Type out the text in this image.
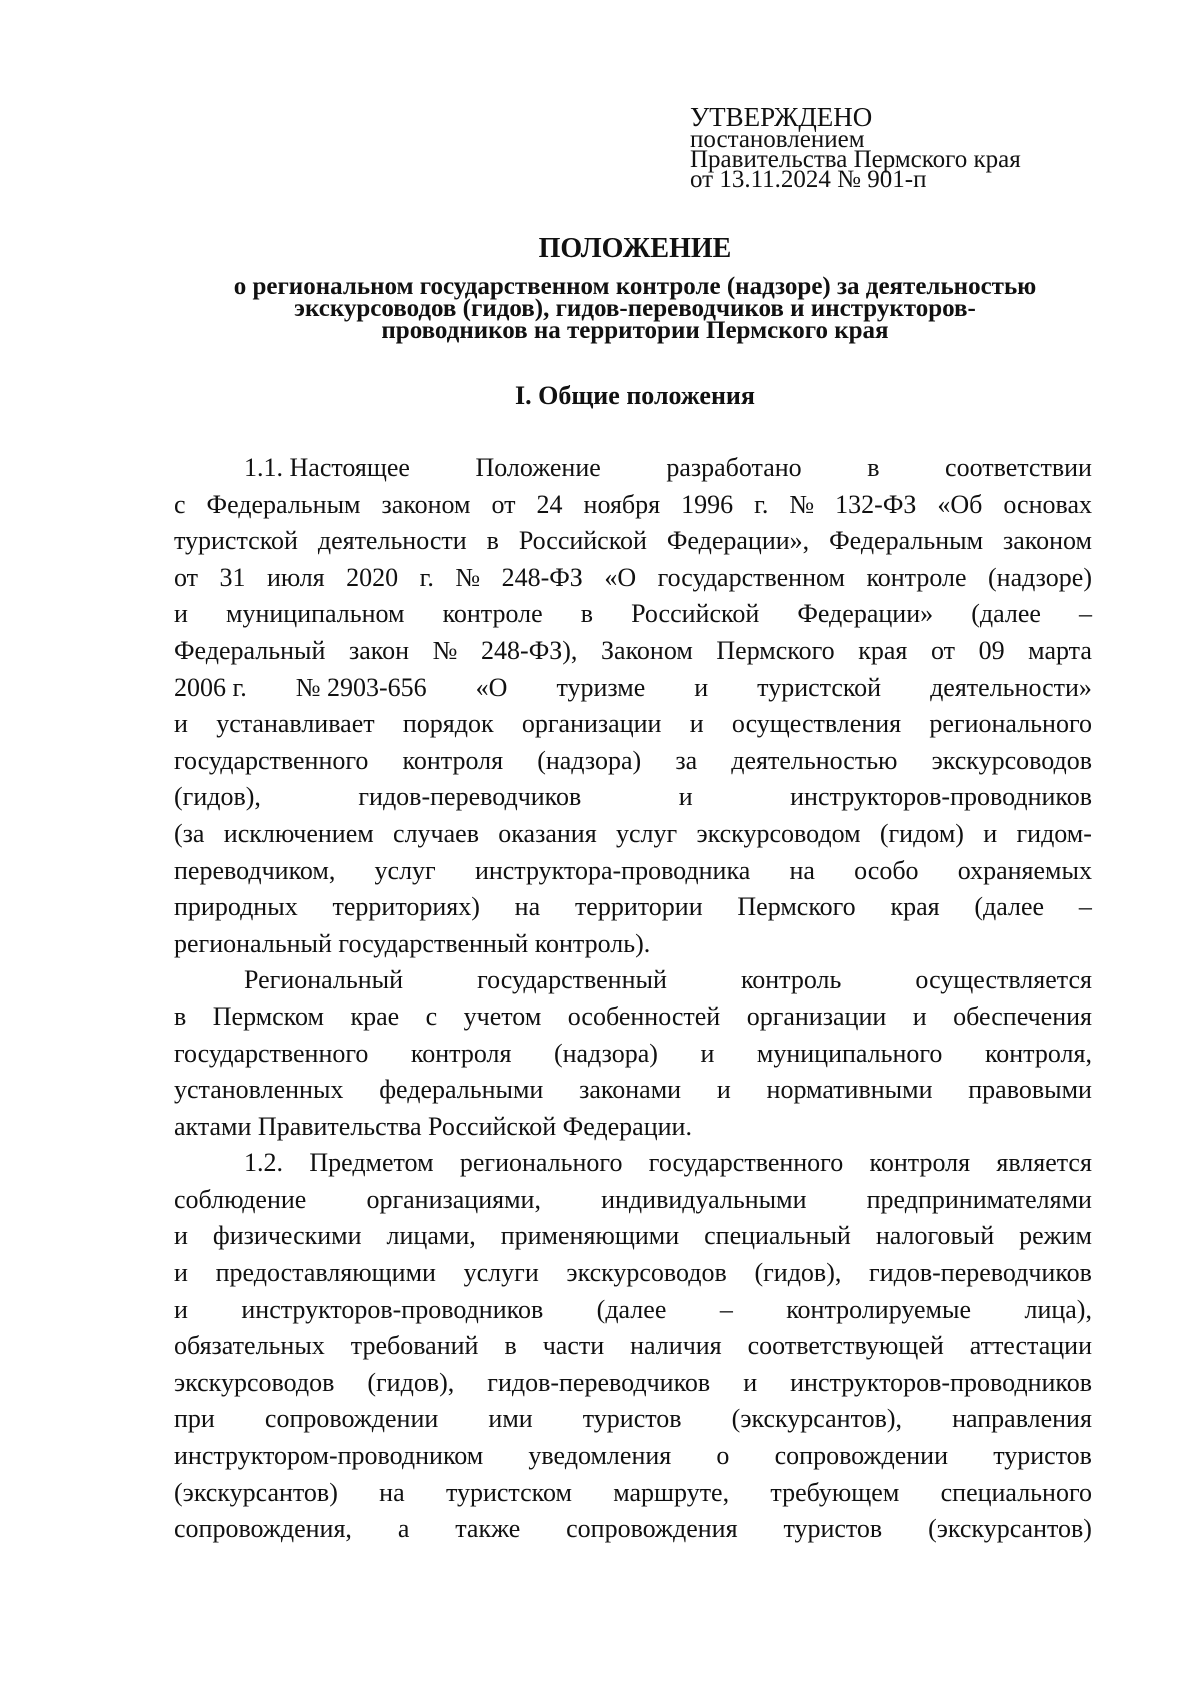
УТВЕРЖДЕНО
постановлением
Правительства Пермского края
от 13.11.2024 № 901-п
ПОЛОЖЕНИЕ
о региональном государственном контроле (надзоре) за деятельностью
экскурсоводов (гидов), гидов-переводчиков и инструкторов-
проводников на территории Пермского края
I. Общие положения
1.1. Настоящее	Положение	разработано	в	соответствии
с Федеральным законом от 24 ноября 1996 г. № 132-ФЗ «Об основах
туристской деятельности в Российской Федерации», Федеральным законом
от 31 июля 2020 г. № 248-ФЗ «О государственном контроле (надзоре)
и муниципальном контроле в Российской Федерации» (далее –
Федеральный закон № 248-ФЗ), Законом Пермского края от 09 марта
2006 г. № 2903-656 «О туризме и туристской деятельности»
и устанавливает порядок организации и осуществления регионального
государственного контроля (надзора) за деятельностью экскурсоводов
(гидов),	гидов-переводчиков	и	инструкторов-проводников
(за исключением случаев оказания услуг экскурсоводом (гидом) и гидом-
переводчиком, услуг инструктора-проводника на особо охраняемых
природных территориях) на территории Пермского края (далее –
региональный государственный контроль).
Региональный	государственный	контроль	осуществляется
в Пермском крае с учетом особенностей организации и обеспечения
государственного контроля (надзора) и муниципального контроля,
установленных федеральными законами и нормативными правовыми
актами Правительства Российской Федерации.
1.2. Предметом регионального государственного контроля является
соблюдение организациями, индивидуальными предпринимателями
и физическими лицами, применяющими специальный налоговый режим
и предоставляющими услуги экскурсоводов (гидов), гидов-переводчиков
и инструкторов-проводников (далее – контролируемые лица),
обязательных требований в части наличия соответствующей аттестации
экскурсоводов (гидов), гидов-переводчиков и инструкторов-проводников
при сопровождении ими туристов (экскурсантов), направления
инструктором-проводником уведомления о сопровождении туристов
(экскурсантов) на туристском маршруте, требующем специального
сопровождения, а также сопровождения туристов (экскурсантов)
